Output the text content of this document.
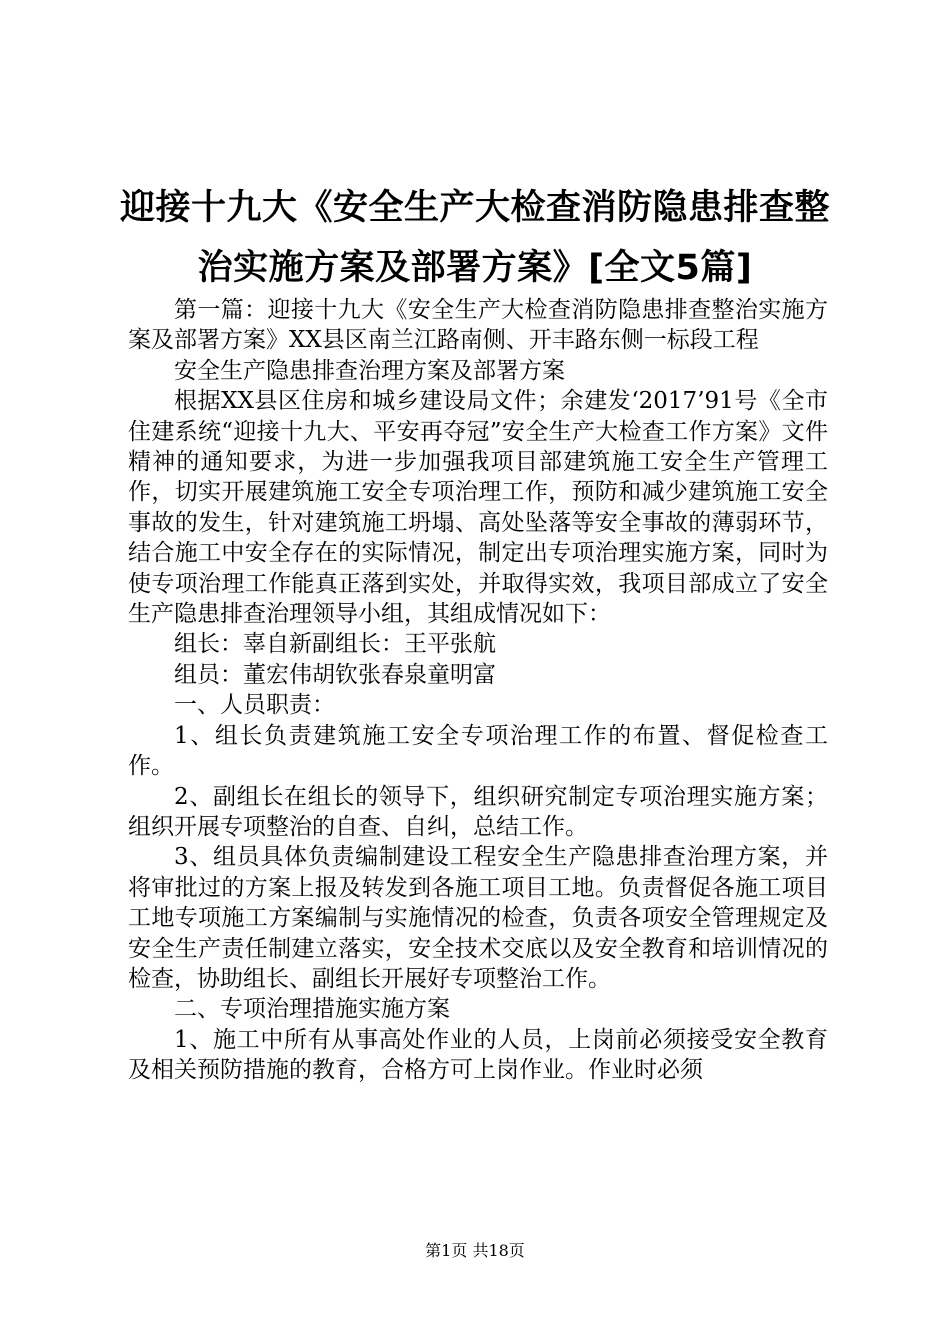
迎接十九大《安全生产大检查消防隐患排查整
治实施方案及部署方案》[全文5篇]

第一篇：迎接十九大《安全生产大检查消防隐患排查整治实施方案及部署方案》XX县区南兰江路南侧、开丰路东侧一标段工程

安全生产隐患排查治理方案及部署方案

根据XX县区住房和城乡建设局文件；余建发‘2017’91号《全市住建系统“迎接十九大、平安再夺冠”安全生产大检查工作方案》文件精神的通知要求，为进一步加强我项目部建筑施工安全生产管理工作，切实开展建筑施工安全专项治理工作，预防和减少建筑施工安全事故的发生，针对建筑施工坍塌、高处坠落等安全事故的薄弱环节，结合施工中安全存在的实际情况，制定出专项治理实施方案，同时为使专项治理工作能真正落到实处，并取得实效，我项目部成立了安全生产隐患排查治理领导小组，其组成情况如下：

组长：辜自新副组长：王平张航

组员：董宏伟胡钦张春泉童明富

一、人员职责：

1、组长负责建筑施工安全专项治理工作的布置、督促检查工作。

2、副组长在组长的领导下，组织研究制定专项治理实施方案；组织开展专项整治的自查、自纠，总结工作。

3、组员具体负责编制建设工程安全生产隐患排查治理方案，并将审批过的方案上报及转发到各施工项目工地。负责督促各施工项目工地专项施工方案编制与实施情况的检查，负责各项安全管理规定及安全生产责任制建立落实，安全技术交底以及安全教育和培训情况的检查，协助组长、副组长开展好专项整治工作。

二、专项治理措施实施方案

1、施工中所有从事高处作业的人员，上岗前必须接受安全教育及相关预防措施的教育，合格方可上岗作业。作业时必须

第1页 共18页
